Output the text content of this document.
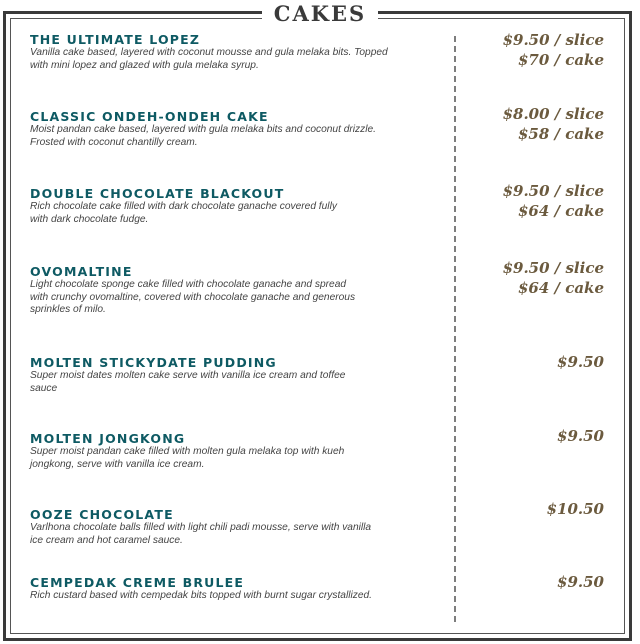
CAKES
THE ULTIMATE LOPEZ
Vanilla cake based, layered with coconut mousse and gula melaka bits. Topped with mini lopez and glazed with gula melaka syrup.
$9.50 / slice
$70 / cake
CLASSIC ONDEH-ONDEH CAKE
Moist pandan cake based, layered with gula melaka bits and coconut drizzle. Frosted with coconut chantilly cream.
$8.00 / slice
$58 / cake
DOUBLE CHOCOLATE BLACKOUT
Rich chocolate cake filled with dark chocolate ganache covered fully with dark chocolate fudge.
$9.50 / slice
$64 / cake
OVOMALTINE
Light chocolate sponge cake filled with chocolate ganache and spread with crunchy ovomaltine, covered with chocolate ganache and generous sprinkles of milo.
$9.50 / slice
$64 / cake
MOLTEN STICKYDATE PUDDING
Super moist dates molten cake serve with vanilla ice cream and toffee sauce
$9.50
MOLTEN JONGKONG
Super moist pandan cake filled with molten gula melaka top with kueh jongkong, serve with vanilla ice cream.
$9.50
OOZE CHOCOLATE
Varlhona chocolate balls filled with light chili padi mousse, serve with vanilla ice cream and hot caramel sauce.
$10.50
CEMPEDAK CREME BRULEE
Rich custard based with cempedak bits topped with burnt sugar crystallized.
$9.50
